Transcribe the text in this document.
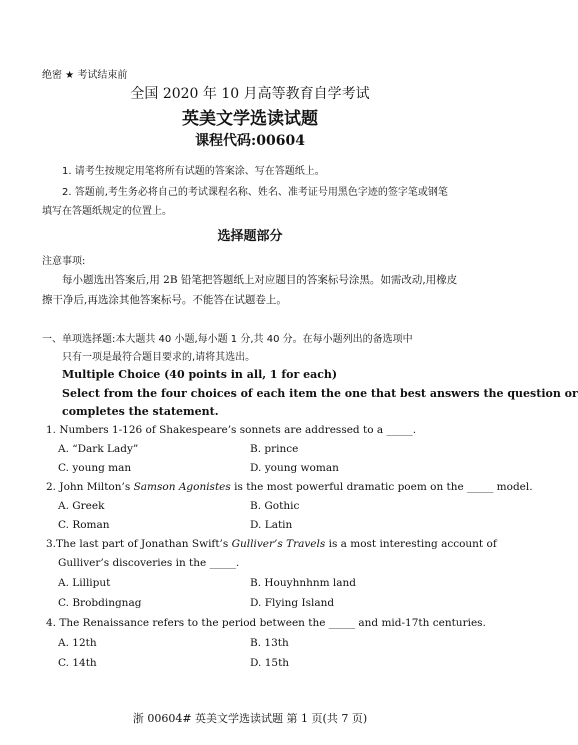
绝密 ★ 考试结束前
全国 2020 年 10 月高等教育自学考试
英美文学选读试题
课程代码:00604
1. 请考生按规定用笔将所有试题的答案涂、写在答题纸上。
2. 答题前,考生务必将自己的考试课程名称、姓名、准考证号用黑色字迹的签字笔或钢笔
填写在答题纸规定的位置上。
选择题部分
注意事项:
每小题选出答案后,用 2B 铅笔把答题纸上对应题目的答案标号涂黑。如需改动,用橡皮
擦干净后,再选涂其他答案标号。不能答在试题卷上。
一、单项选择题:本大题共 40 小题,每小题 1 分,共 40 分。在每小题列出的备选项中
只有一项是最符合题目要求的,请将其选出。
Multiple Choice (40 points in all, 1 for each)
Select from the four choices of each item the one that best answers the question or
completes the statement.
1. Numbers 1-126 of Shakespeare’s sonnets are addressed to a _____.
A. “Dark Lady”	B. prince
C. young man	D. young woman
2. John Milton’s Samson Agonistes is the most powerful dramatic poem on the _____ model.
A. Greek	B. Gothic
C. Roman	D. Latin
3.The last part of Jonathan Swift’s Gulliver’s Travels is a most interesting account of
Gulliver’s discoveries in the _____.
A. Lilliput	B. Houyhnhnm land
C. Brobdingnag	D. Flying Island
4. The Renaissance refers to the period between the _____ and mid-17th centuries.
A. 12th	B. 13th
C. 14th	D. 15th
浙 00604# 英美文学选读试题 第 1 页(共 7 页)
